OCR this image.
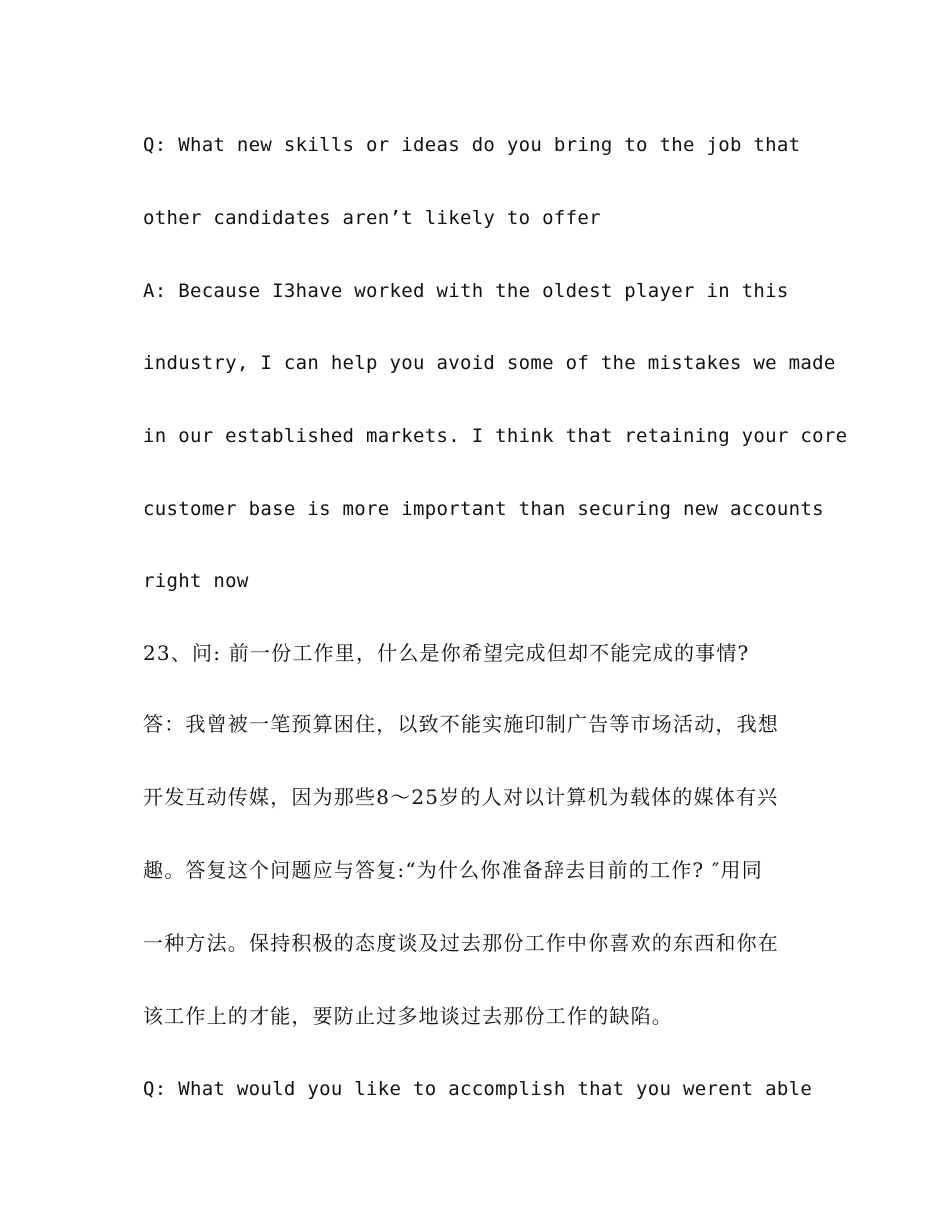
Q: What new skills or ideas do you bring to the job that
other candidates aren’t likely to offer
A: Because I3have worked with the oldest player in this
industry, I can help you avoid some of the mistakes we made
in our established markets. I think that retaining your core
customer base is more important than securing new accounts
right now
23、问: 前一份工作里，什么是你希望完成但却不能完成的事情?
答：我曾被一笔预算困住，以致不能实施印制广告等市场活动，我想
开发互动传媒，因为那些8～25岁的人对以计算机为载体的媒体有兴
趣。答复这个问题应与答复:“为什么你准备辞去目前的工作? ″用同
一种方法。保持积极的态度谈及过去那份工作中你喜欢的东西和你在
该工作上的才能，要防止过多地谈过去那份工作的缺陷。
Q: What would you like to accomplish that you werent able
